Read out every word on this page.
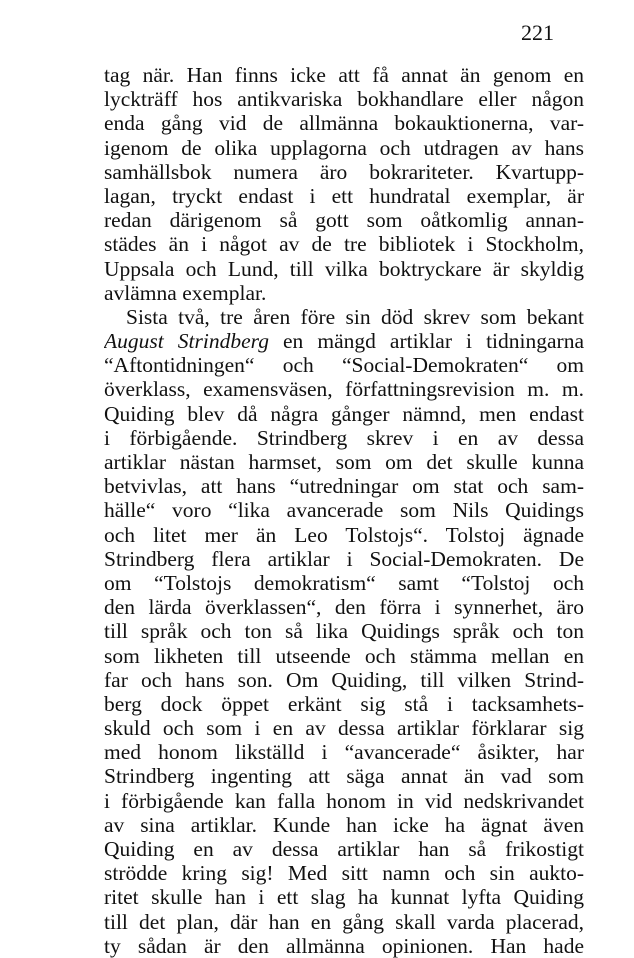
221
tag när. Han finns icke att få annat än genom en
lyckträff hos antikvariska bokhandlare eller någon
enda gång vid de allmänna bokauktionerna, var-
igenom de olika upplagorna och utdragen av hans
samhällsbok numera äro bokrariteter. Kvartupp-
lagan, tryckt endast i ett hundratal exemplar, är
redan därigenom så gott som oåtkomlig annan-
städes än i något av de tre bibliotek i Stockholm,
Uppsala och Lund, till vilka boktryckare är skyldig
avlämna exemplar.
Sista två, tre åren före sin död skrev som bekant
August Strindberg en mängd artiklar i tidningarna
“Aftontidningen“ och “Social-Demokraten“ om
överklass, examensväsen, författningsrevision m. m.
Quiding blev då några gånger nämnd, men endast
i förbigående. Strindberg skrev i en av dessa
artiklar nästan harmset, som om det skulle kunna
betvivlas, att hans “utredningar om stat och sam-
hälle“ voro “lika avancerade som Nils Quidings
och litet mer än Leo Tolstojs“. Tolstoj ägnade
Strindberg flera artiklar i Social-Demokraten. De
om “Tolstojs demokratism“ samt “Tolstoj och
den lärda överklassen“, den förra i synnerhet, äro
till språk och ton så lika Quidings språk och ton
som likheten till utseende och stämma mellan en
far och hans son. Om Quiding, till vilken Strind-
berg dock öppet erkänt sig stå i tacksamhets-
skuld och som i en av dessa artiklar förklarar sig
med honom likställd i “avancerade“ åsikter, har
Strindberg ingenting att säga annat än vad som
i förbigående kan falla honom in vid nedskrivandet
av sina artiklar. Kunde han icke ha ägnat även
Quiding en av dessa artiklar han så frikostigt
strödde kring sig! Med sitt namn och sin aukto-
ritet skulle han i ett slag ha kunnat lyfta Quiding
till det plan, där han en gång skall varda placerad,
ty sådan är den allmänna opinionen. Han hade
